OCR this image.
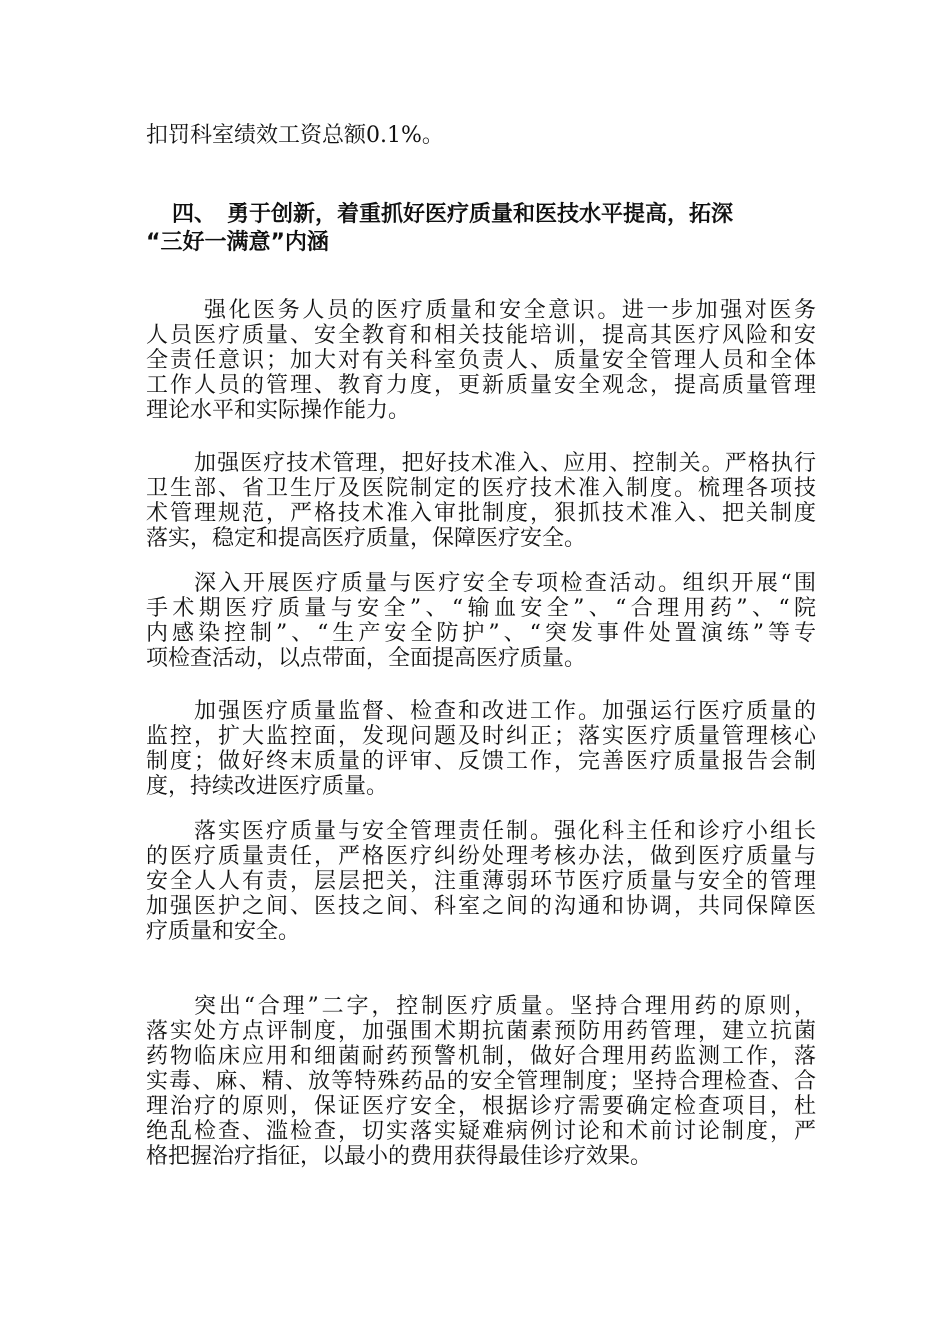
扣罚科室绩效工资总额0.1%。
四、　勇于创新，着重抓好医疗质量和医技水平提高，拓深
“三好一满意”内涵
强化医务人员的医疗质量和安全意识。进一步加强对医务
人员医疗质量、安全教育和相关技能培训，提高其医疗风险和安
全责任意识；加大对有关科室负责人、质量安全管理人员和全体
工作人员的管理、教育力度，更新质量安全观念，提高质量管理
理论水平和实际操作能力。
加强医疗技术管理，把好技术准入、应用、控制关。严格执行
卫生部、省卫生厅及医院制定的医疗技术准入制度。梳理各项技
术管理规范，严格技术准入审批制度，狠抓技术准入、把关制度
落实，稳定和提高医疗质量，保障医疗安全。
深入开展医疗质量与医疗安全专项检查活动。组织开展“围
手术期医疗质量与安全”、“输血安全”、“合理用药”、“院
内感染控制”、“生产安全防护”、“突发事件处置演练”等专
项检查活动，以点带面，全面提高医疗质量。
加强医疗质量监督、检查和改进工作。加强运行医疗质量的
监控，扩大监控面，发现问题及时纠正；落实医疗质量管理核心
制度；做好终末质量的评审、反馈工作，完善医疗质量报告会制
度，持续改进医疗质量。
落实医疗质量与安全管理责任制。强化科主任和诊疗小组长
的医疗质量责任，严格医疗纠纷处理考核办法，做到医疗质量与
安全人人有责，层层把关，注重薄弱环节医疗质量与安全的管理
加强医护之间、医技之间、科室之间的沟通和协调，共同保障医
疗质量和安全。
突出“合理”二字，控制医疗质量。坚持合理用药的原则，
落实处方点评制度，加强围术期抗菌素预防用药管理，建立抗菌
药物临床应用和细菌耐药预警机制，做好合理用药监测工作，落
实毒、麻、精、放等特殊药品的安全管理制度；坚持合理检查、合
理治疗的原则，保证医疗安全，根据诊疗需要确定检查项目，杜
绝乱检查、滥检查，切实落实疑难病例讨论和术前讨论制度，严
格把握治疗指征，以最小的费用获得最佳诊疗效果。
